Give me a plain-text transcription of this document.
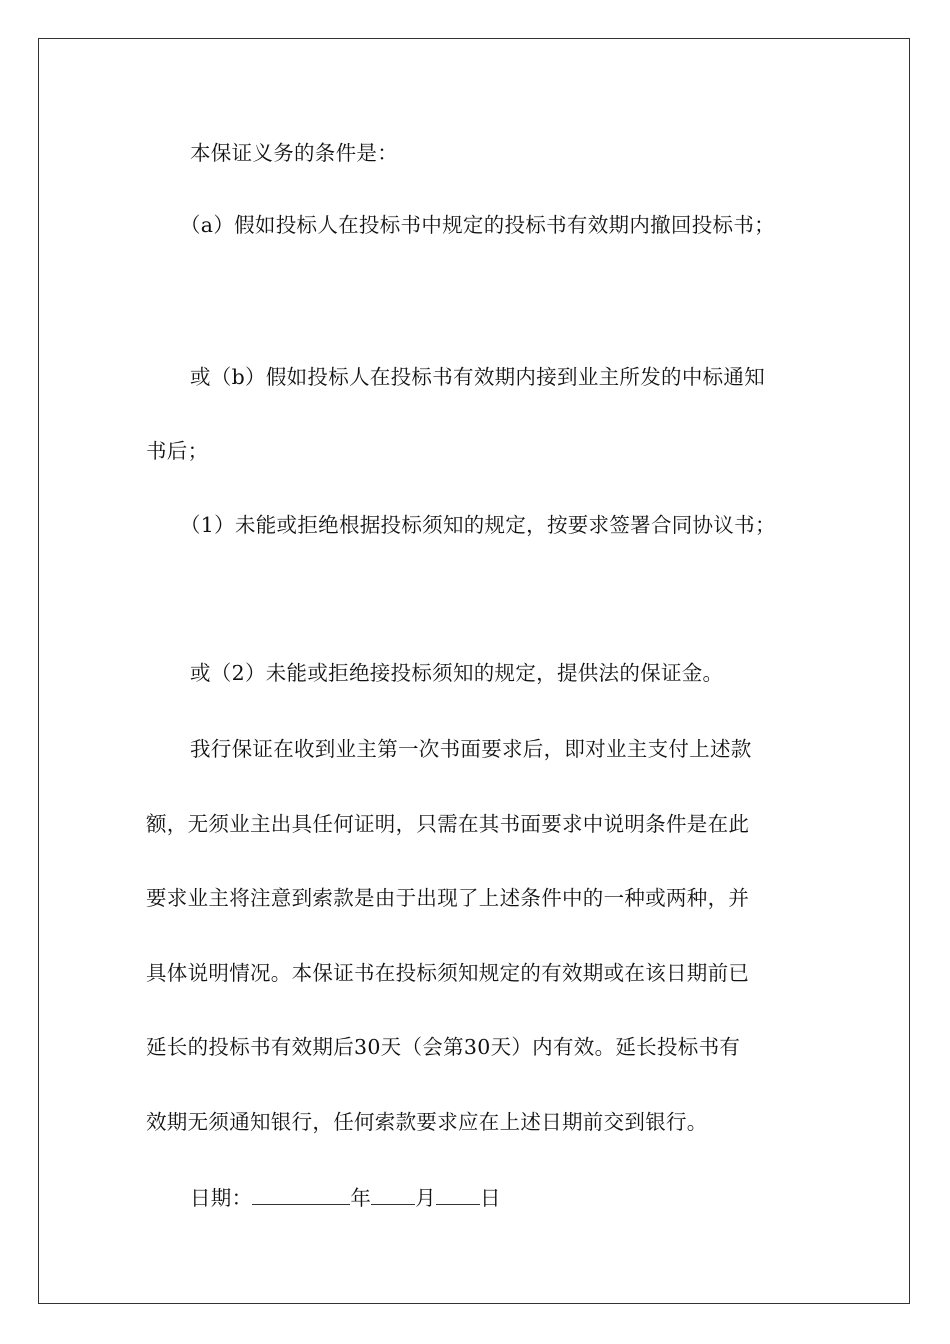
本保证义务的条件是：
（a）假如投标人在投标书中规定的投标书有效期内撤回投标书；
或（b）假如投标人在投标书有效期内接到业主所发的中标通知
书后；
（1）未能或拒绝根据投标须知的规定，按要求签署合同协议书；
或（2）未能或拒绝接投标须知的规定，提供法的保证金。
我行保证在收到业主第一次书面要求后，即对业主支付上述款
额，无须业主出具任何证明，只需在其书面要求中说明条件是在此
要求业主将注意到索款是由于出现了上述条件中的一种或两种，并
具体说明情况。本保证书在投标须知规定的有效期或在该日期前已
延长的投标书有效期后30天（会第30天）内有效。延长投标书有
效期无须通知银行，任何索款要求应在上述日期前交到银行。
日期：	年 月 日
